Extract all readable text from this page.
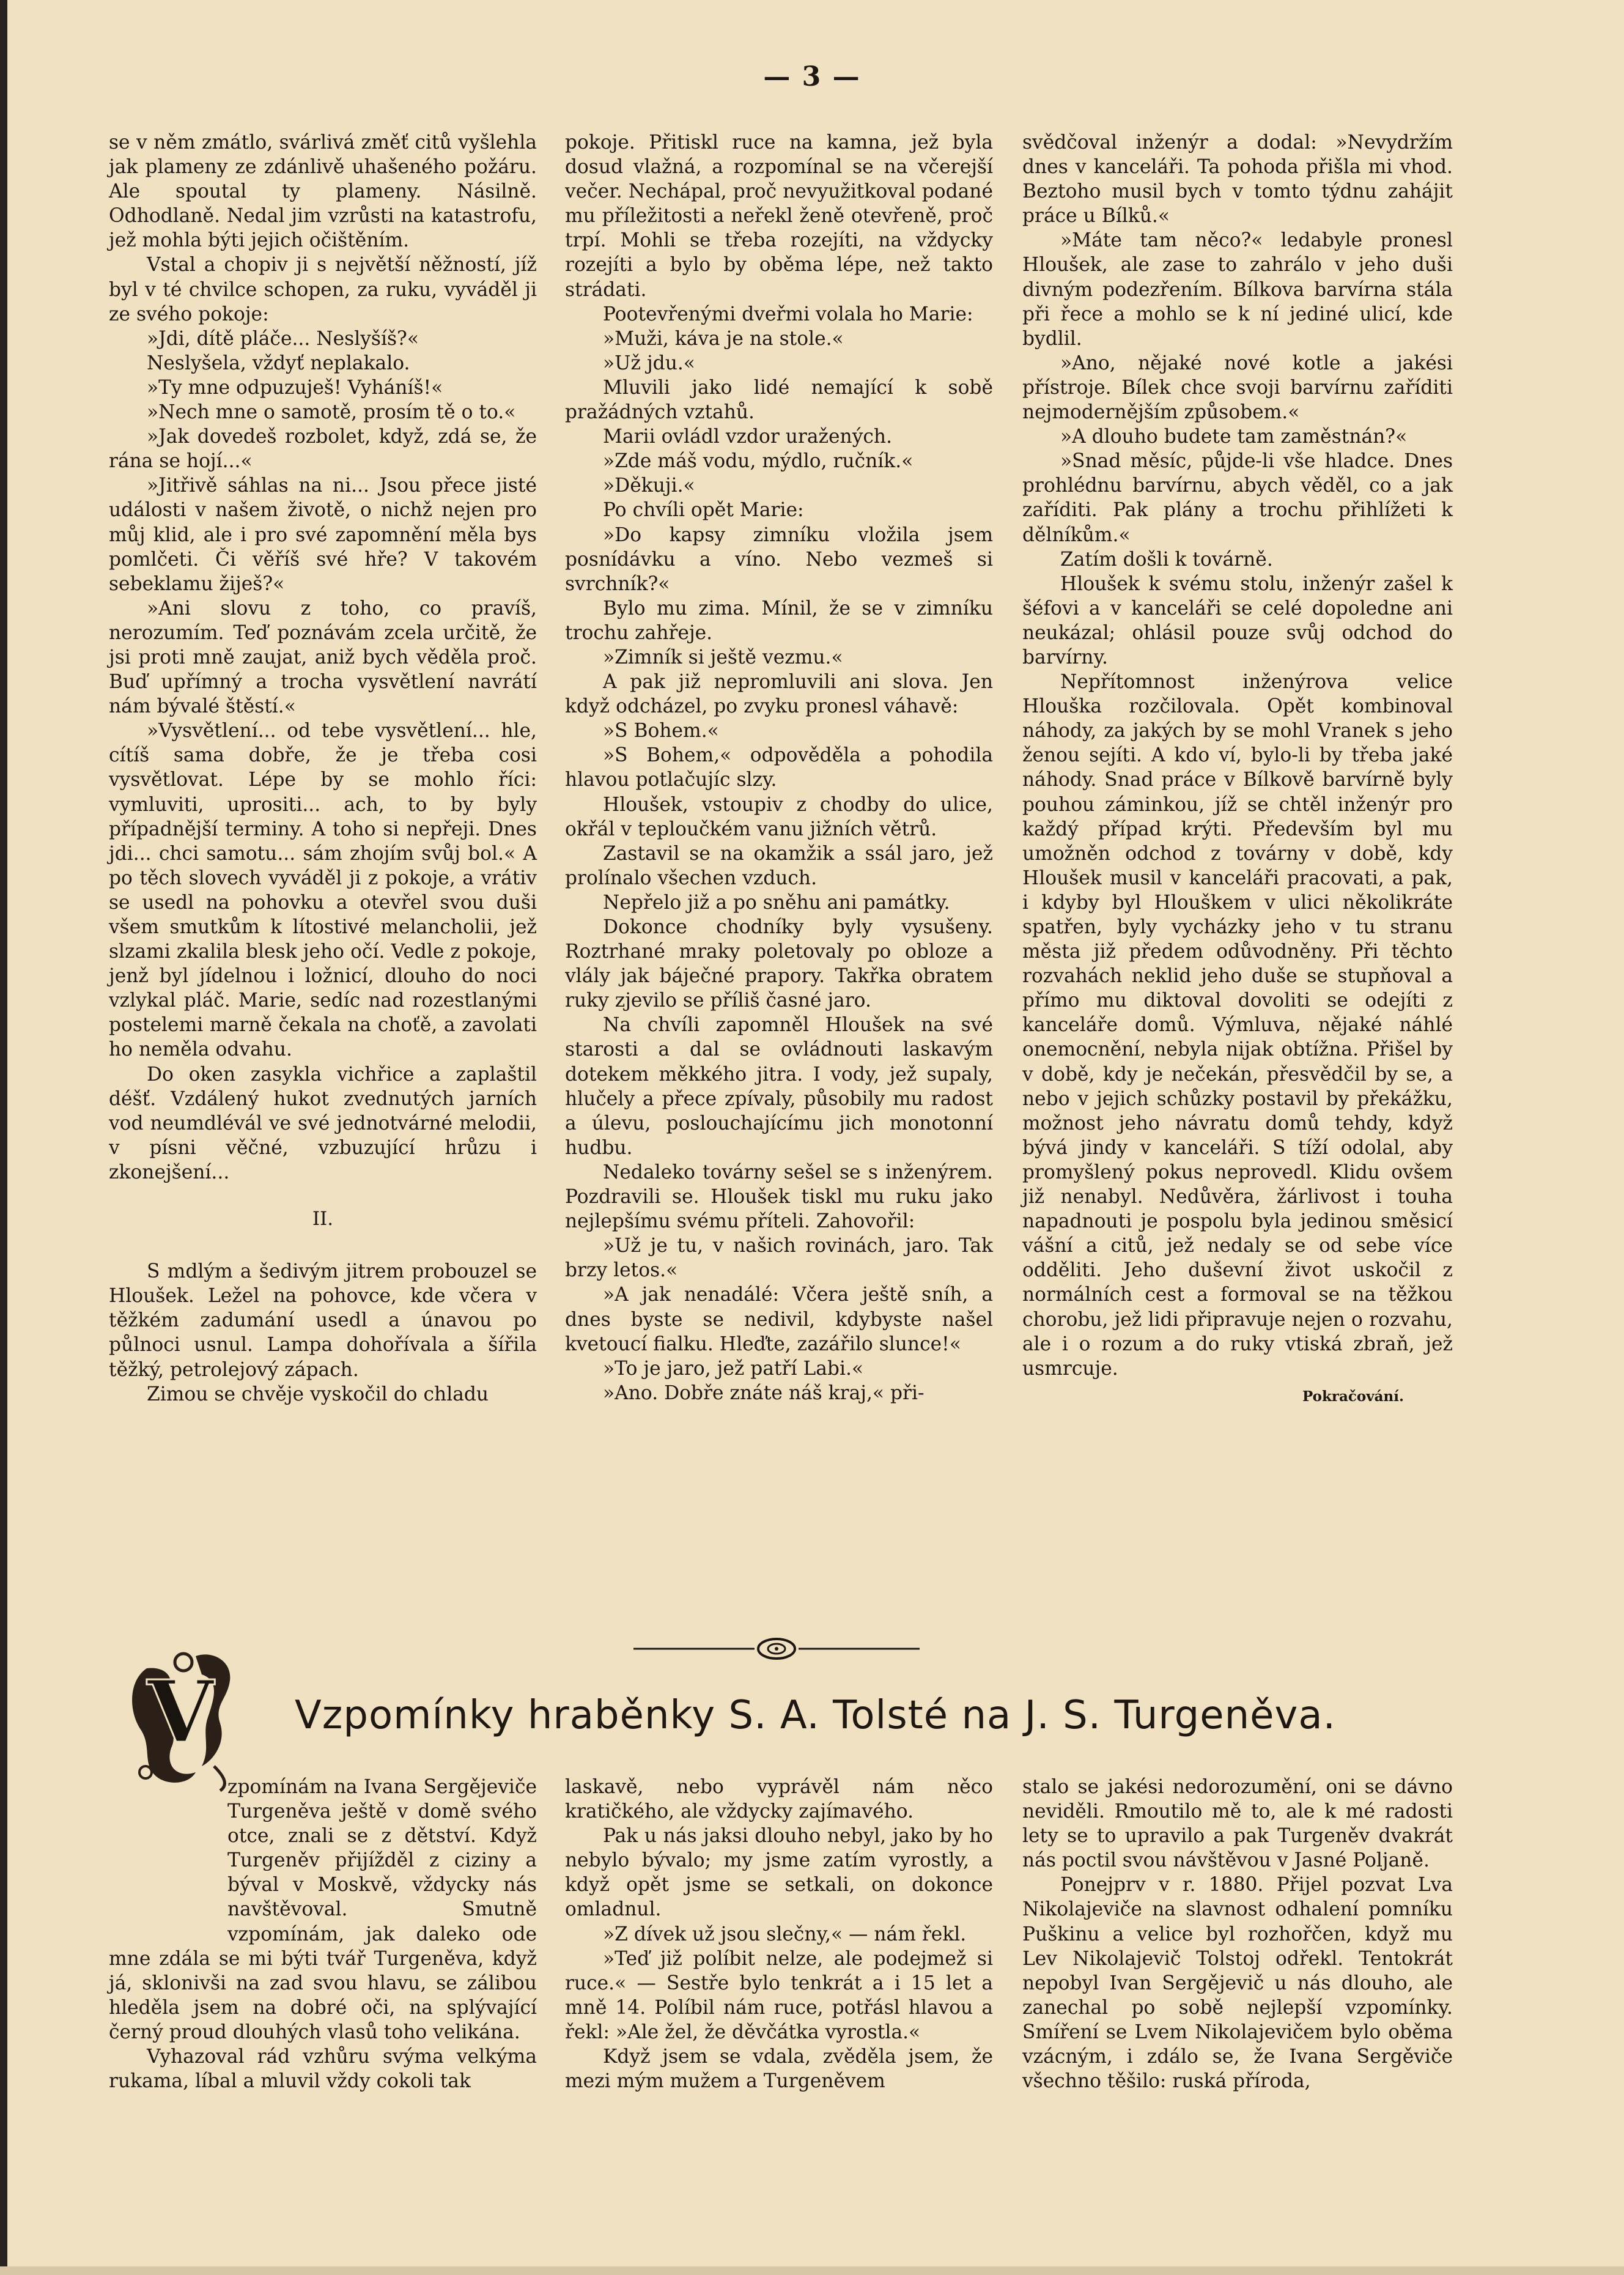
— 3 —

se v něm zmátlo, svárlivá změť citů vyšlehla jak plameny ze zdánlivě uhašeného požáru. Ale spoutal ty plameny. Násilně. Odhodlaně. Nedal jim vzrůsti na katastrofu, jež mohla býti jejich očištěním.

Vstal a chopiv ji s největší něžností, jíž byl v té chvilce schopen, za ruku, vyváděl ji ze svého pokoje:

»Jdi, dítě pláče... Neslyšíš?«

Neslyšela, vždyť neplakalo.

»Ty mne odpuzuješ! Vyháníš!«

»Nech mne o samotě, prosím tě o to.«

»Jak dovedeš rozbolet, když, zdá se, že rána se hojí...«

»Jitřivě sáhlas na ni... Jsou přece jisté události v našem životě, o nichž nejen pro můj klid, ale i pro své zapomnění měla bys pomlčeti. Či věříš své hře? V takovém sebeklamu žiješ?«

»Ani slovu z toho, co pravíš, nerozumím. Teď poznávám zcela určitě, že jsi proti mně zaujat, aniž bych věděla proč. Buď upřímný a trocha vysvětlení navrátí nám bývalé štěstí.«

»Vysvětlení... od tebe vysvětlení... hle, cítíš sama dobře, že je třeba cosi vysvětlovat. Lépe by se mohlo říci: vymluviti, uprositi... ach, to by byly případnější terminy. A toho si nepřeji. Dnes jdi... chci samotu... sám zhojím svůj bol.« A po těch slovech vyváděl ji z pokoje, a vrátiv se usedl na pohovku a otevřel svou duši všem smutkům k lítostivé melancholii, jež slzami zkalila blesk jeho očí. Vedle z pokoje, jenž byl jídelnou i ložnicí, dlouho do noci vzlykal pláč. Marie, sedíc nad rozestlanými postelemi marně čekala na choťě, a zavolati ho neměla odvahu.

Do oken zasykla vichřice a zaplaštil déšť. Vzdálený hukot zvednutých jarních vod neumdlévál ve své jednotvárné melodii, v písni věčné, vzbuzující hrůzu i zkonejšení...

II.

S mdlým a šedivým jitrem probouzel se Hloušek. Ležel na pohovce, kde včera v těžkém zadumání usedl a únavou po půlnoci usnul. Lampa dohořívala a šířila těžký, petrolejový zápach.

Zimou se chvěje vyskočil do chladu

pokoje. Přitiskl ruce na kamna, jež byla dosud vlažná, a rozpomínal se na včerejší večer. Nechápal, proč nevyužitkoval podané mu příležitosti a neřekl ženě otevřeně, proč trpí. Mohli se třeba rozejíti, na vždycky rozejíti a bylo by oběma lépe, než takto strádati.

Pootevřenými dveřmi volala ho Marie:

»Muži, káva je na stole.«

»Už jdu.«

Mluvili jako lidé nemající k sobě pražádných vztahů.

Marii ovládl vzdor uražených.

»Zde máš vodu, mýdlo, ručník.«

»Děkuji.«

Po chvíli opět Marie:

»Do kapsy zimníku vložila jsem posnídávku a víno. Nebo vezmeš si svrchník?«

Bylo mu zima. Mínil, že se v zimníku trochu zahřeje.

»Zimník si ještě vezmu.«

A pak již nepromluvili ani slova. Jen když odcházel, po zvyku pronesl váhavě:

»S Bohem.«

»S Bohem,« odpověděla a pohodila hlavou potlačujíc slzy.

Hloušek, vstoupiv z chodby do ulice, okřál v teploučkém vanu jižních větrů.

Zastavil se na okamžik a ssál jaro, jež prolínalo všechen vzduch.

Nepřelo již a po sněhu ani památky.

Dokonce chodníky byly vysušeny. Roztrhané mraky poletovaly po obloze a vlály jak báječné prapory. Takřka obratem ruky zjevilo se příliš časné jaro.

Na chvíli zapomněl Hloušek na své starosti a dal se ovládnouti laskavým dotekem měkkého jitra. I vody, jež supaly, hlučely a přece zpívaly, působily mu radost a úlevu, poslouchajícímu jich monotonní hudbu.

Nedaleko továrny sešel se s inženýrem. Pozdravili se. Hloušek tiskl mu ruku jako nejlepšímu svému příteli. Zahovořil:

»Už je tu, v našich rovinách, jaro. Tak brzy letos.«

»A jak nenadálé: Včera ještě sníh, a dnes byste se nedivil, kdybyste našel kvetoucí fialku. Hleďte, zazářilo slunce!«

»To je jaro, jež patří Labi.«

»Ano. Dobře znáte náš kraj,« při-

svědčoval inženýr a dodal: »Nevydržím dnes v kanceláři. Ta pohoda přišla mi vhod. Beztoho musil bych v tomto týdnu zahájit práce u Bílků.«

»Máte tam něco?« ledabyle pronesl Hloušek, ale zase to zahrálo v jeho duši divným podezřením. Bílkova barvírna stála při řece a mohlo se k ní jediné ulicí, kde bydlil.

»Ano, nějaké nové kotle a jakési přístroje. Bílek chce svoji barvírnu zaříditi nejmodernějším způsobem.«

»A dlouho budete tam zaměstnán?«

»Snad měsíc, půjde-li vše hladce. Dnes prohlédnu barvírnu, abych věděl, co a jak zaříditi. Pak plány a trochu přihlížeti k dělníkům.«

Zatím došli k továrně.

Hloušek k svému stolu, inženýr zašel k šéfovi a v kanceláři se celé dopoledne ani neukázal; ohlásil pouze svůj odchod do barvírny.

Nepřítomnost inženýrova velice Hlouška rozčilovala. Opět kombinoval náhody, za jakých by se mohl Vranek s jeho ženou sejíti. A kdo ví, bylo-li by třeba jaké náhody. Snad práce v Bílkově barvírně byly pouhou záminkou, jíž se chtěl inženýr pro každý případ krýti. Především byl mu umožněn odchod z továrny v době, kdy Hloušek musil v kanceláři pracovati, a pak, i kdyby byl Hlouškem v ulici několikráte spatřen, byly vycházky jeho v tu stranu města již předem odůvodněny. Při těchto rozvahách neklid jeho duše se stupňoval a přímo mu diktoval dovoliti se odejíti z kanceláře domů. Výmluva, nějaké náhlé onemocnění, nebyla nijak obtížna. Přišel by v době, kdy je nečekán, přesvědčil by se, a nebo v jejich schůzky postavil by překážku, možnost jeho návratu domů tehdy, když bývá jindy v kanceláři. S tíží odolal, aby promyšlený pokus neprovedl. Klidu ovšem již nenabyl. Nedůvěra, žárlivost i touha napadnouti je pospolu byla jedinou směsicí vášní a citů, jež nedaly se od sebe více odděliti. Jeho duševní život uskočil z normálních cest a formoval se na těžkou chorobu, jež lidi připravuje nejen o rozvahu, ale i o rozum a do ruky vtiská zbraň, jež usmrcuje.

Pokračování.

Vzpomínky hraběnky S. A. Tolsté na J. S. Turgeněva.
V

zpomínám na Ivana Sergějeviče Turgeněva ještě v domě svého otce, znali se z dětství. Když Turgeněv přijížděl z ciziny a býval v Moskvě, vždycky nás navštěvoval. Smutně vzpomínám, jak daleko ode mne zdála se mi býti tvář Turgeněva, když já, sklonivši na zad svou hlavu, se zálibou hleděla jsem na dobré oči, na splývající černý proud dlouhých vlasů toho velikána.

Vyhazoval rád vzhůru svýma velkýma rukama, líbal a mluvil vždy cokoli tak

laskavě, nebo vyprávěl nám něco kratičkého, ale vždycky zajímavého.

Pak u nás jaksi dlouho nebyl, jako by ho nebylo bývalo; my jsme zatím vyrostly, a když opět jsme se setkali, on dokonce omladnul.

»Z dívek už jsou slečny,« — nám řekl.

»Teď již políbit nelze, ale podejmež si ruce.« — Sestře bylo tenkrát a i 15 let a mně 14. Políbil nám ruce, potřásl hlavou a řekl: »Ale žel, že děvčátka vyrostla.«

Když jsem se vdala, zvěděla jsem, že mezi mým mužem a Turgeněvem

stalo se jakési nedorozumění, oni se dávno neviděli. Rmoutilo mě to, ale k mé radosti lety se to upravilo a pak Turgeněv dvakrát nás poctil svou návštěvou v Jasné Poljaně.

Ponejprv v r. 1880. Přijel pozvat Lva Nikolajeviče na slavnost odhalení pomníku Puškinu a velice byl rozhořčen, když mu Lev Nikolajevič Tolstoj odřekl. Tentokrát nepobyl Ivan Sergějevič u nás dlouho, ale zanechal po sobě nejlepší vzpomínky. Smíření se Lvem Nikolajevičem bylo oběma vzácným, i zdálo se, že Ivana Sergěviče všechno těšilo: ruská příroda,
